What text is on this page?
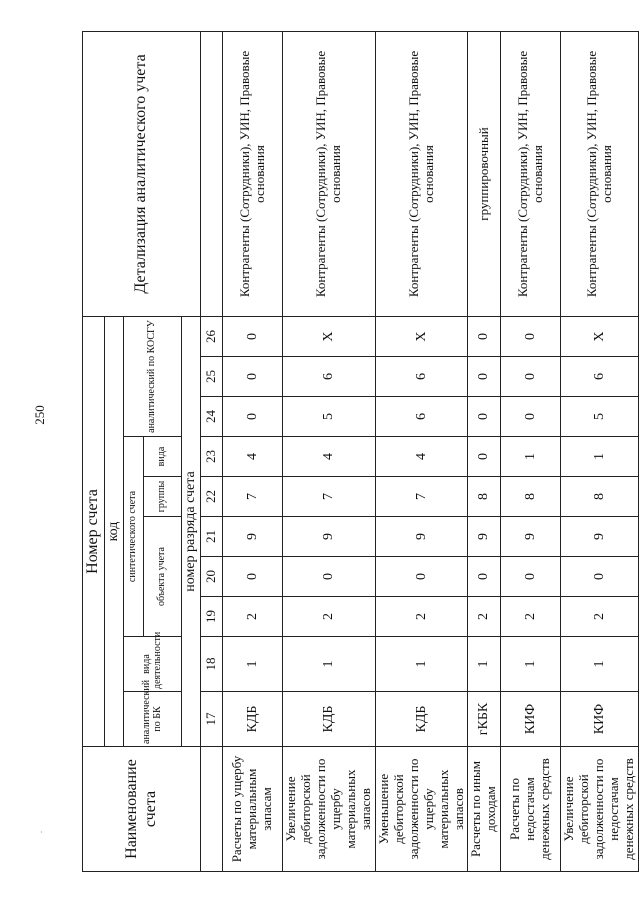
250
·	Наименование счета	Номер счета										Детализация аналитического учета
	код										
	аналитический по БК	вида деятельности	синтетического счета					аналитический по КОСГУ			
			объекта учета			группы	вида				
	номер разряда счета										
	17	18	19	20	21	22	23	24	25	26	
Расчеты по ущербу материальным запасам	КДБ	1	2	0	9	7	4	0	0	0	Контрагенты (Сотрудники), УИН, Правовые основания
Увеличение дебиторской задолженности по ущербу материальных запасов	КДБ	1	2	0	9	7	4	5	6	Х	Контрагенты (Сотрудники), УИН, Правовые основания
Уменьшение дебиторской задолженности по ущербу материальных запасов	КДБ	1	2	0	9	7	4	6	6	Х	Контрагенты (Сотрудники), УИН, Правовые основания
Расчеты по иным доходам	гКБК	1	2	0	9	8	0	0	0	0	группировочный
Расчеты по недостачам денежных средств	КИФ	1	2	0	9	8	1	0	0	0	Контрагенты (Сотрудники), УИН, Правовые основания
Увеличение дебиторской задолженности по недостачам денежных средств	КИФ	1	2	0	9	8	1	5	6	Х	Контрагенты (Сотрудники), УИН, Правовые основания
